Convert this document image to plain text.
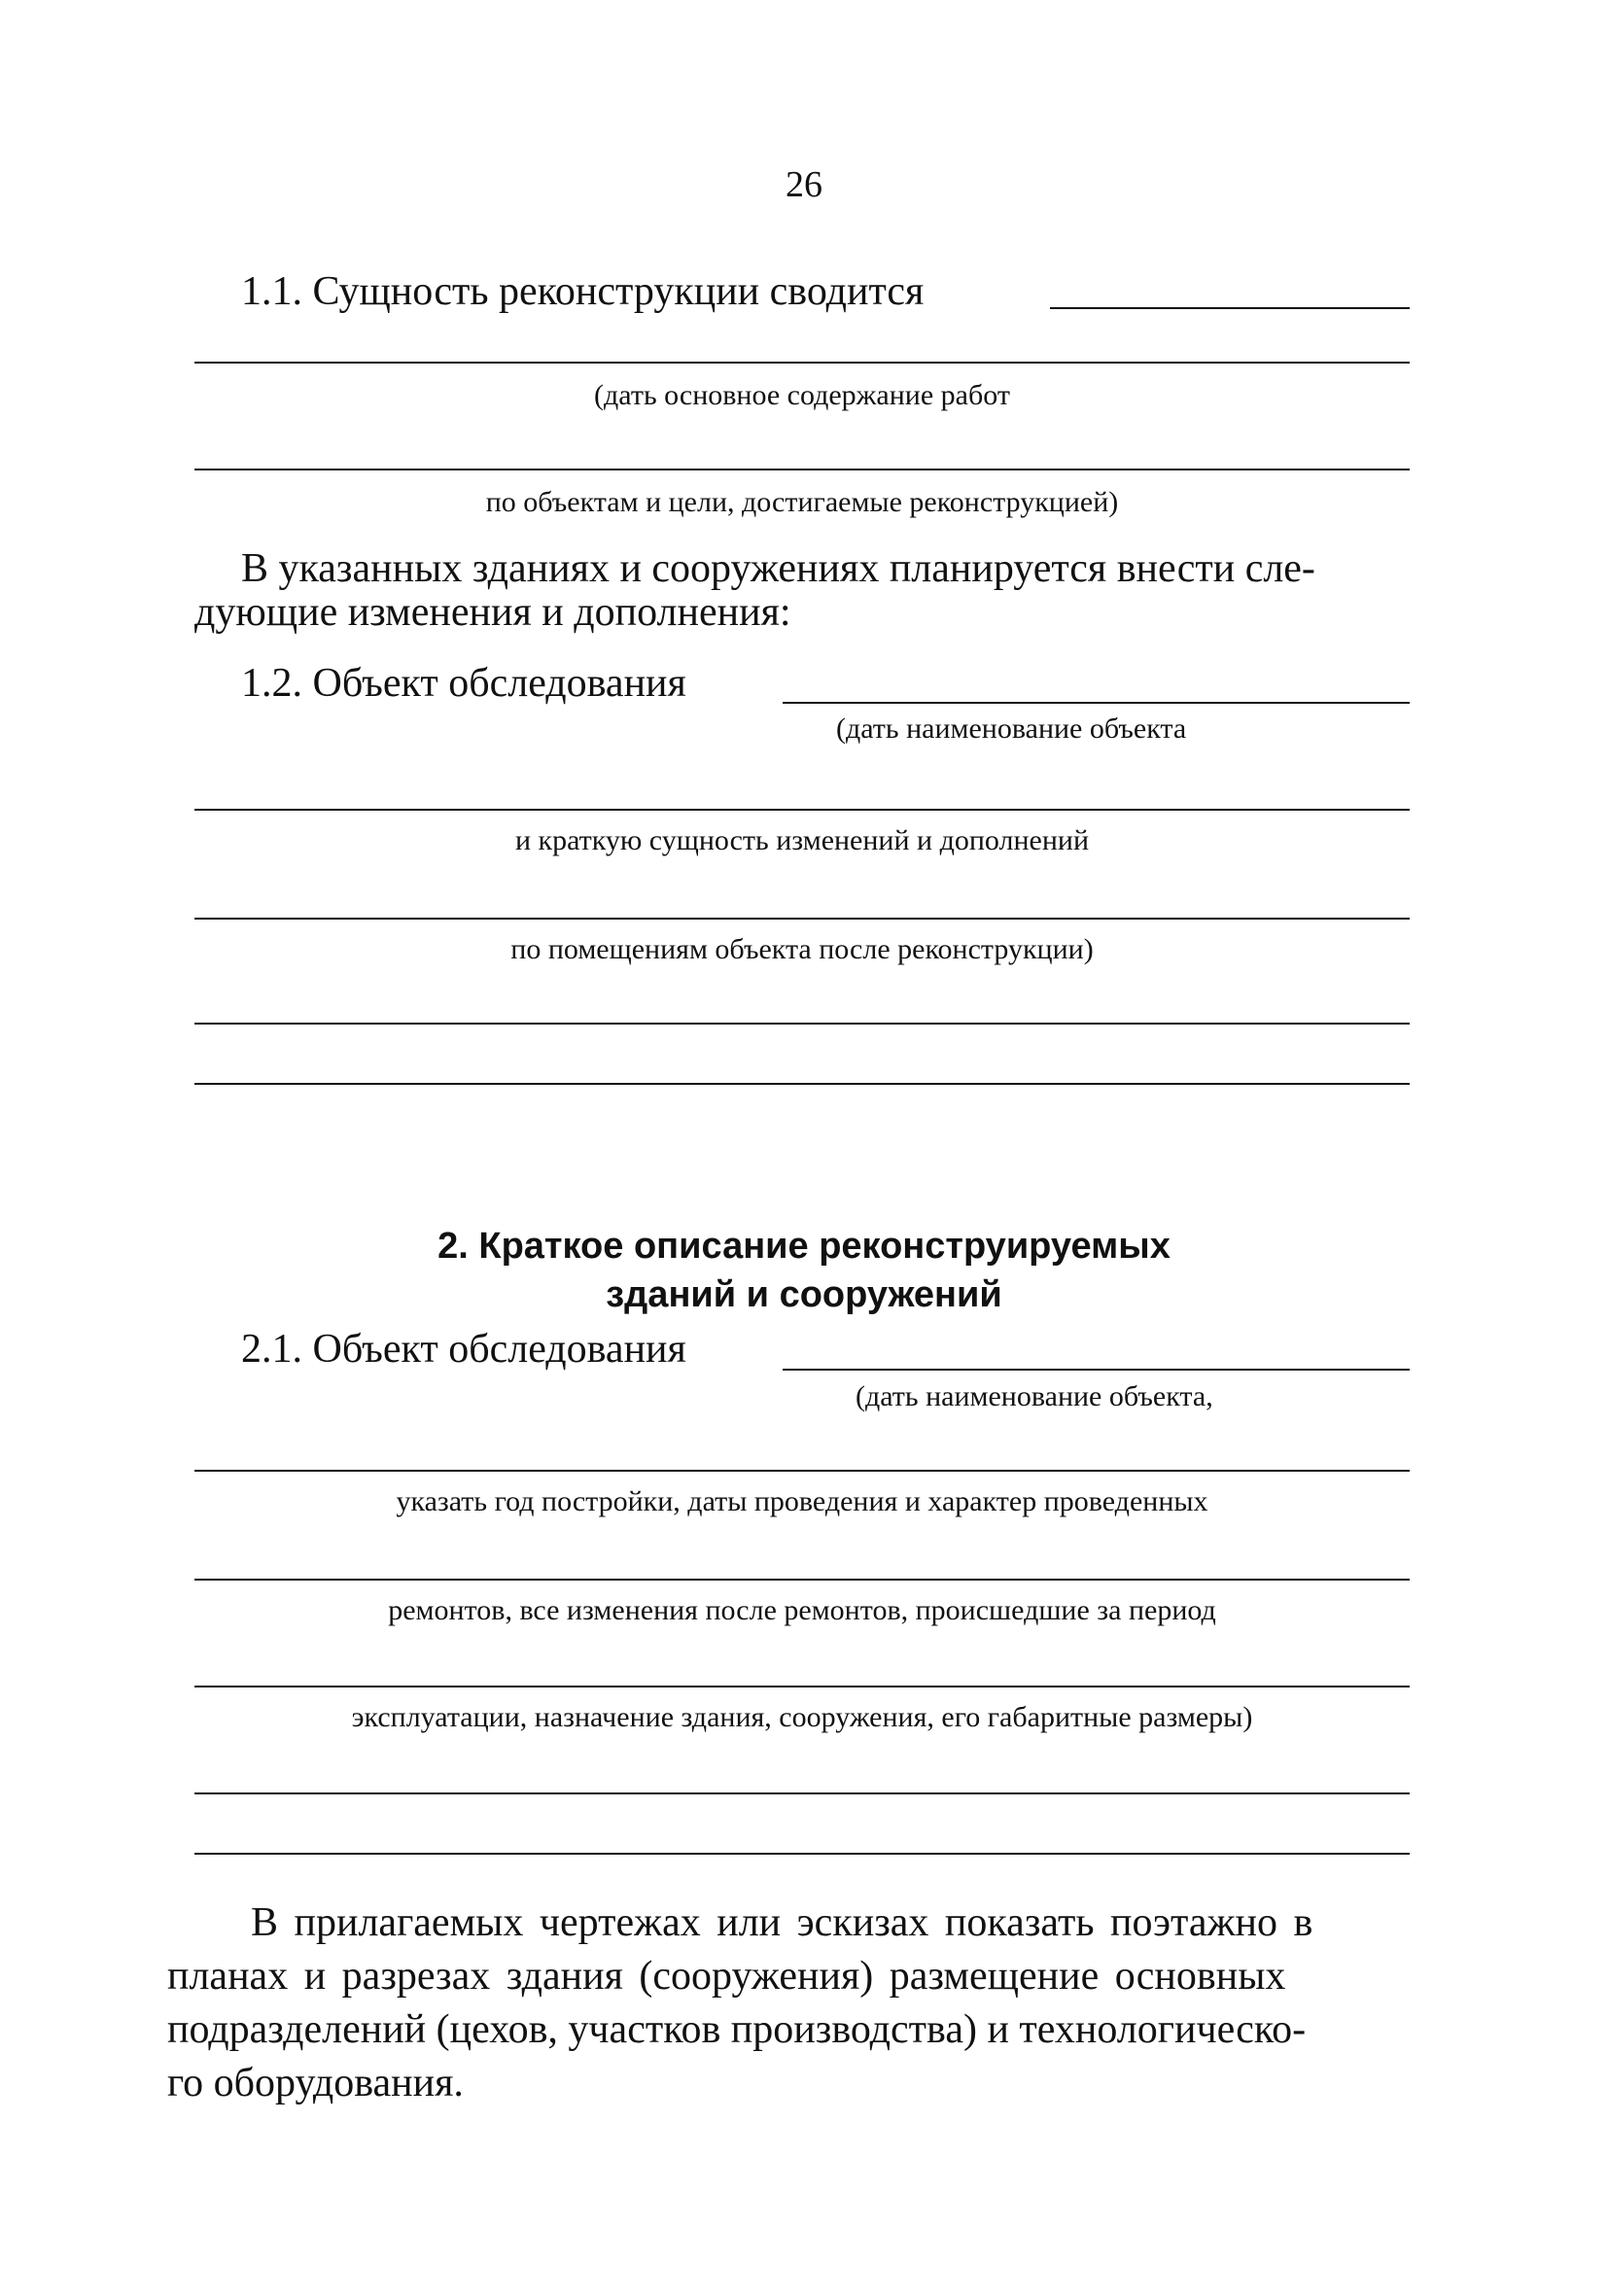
26
1.1. Сущность реконструкции сводится
(дать основное содержание работ
по объектам и цели, достигаемые реконструкцией)
В указанных зданиях и сооружениях планируется внести сле-
дующие изменения и дополнения:
1.2. Объект обследования
(дать наименование объекта
и краткую сущность изменений и дополнений
по помещениям объекта после реконструкции)
2. Краткое описание реконструируемых
зданий и сооружений
2.1. Объект обследования
(дать наименование объекта,
указать год постройки, даты проведения и характер проведенных
ремонтов, все изменения после ремонтов, происшедшие за период
эксплуатации, назначение здания, сооружения, его габаритные размеры)
В прилагаемых чертежах или эскизах показать поэтажно в
планах и разрезах здания (сооружения) размещение основных
подразделений (цехов, участков производства) и технологическо-
го оборудования.
